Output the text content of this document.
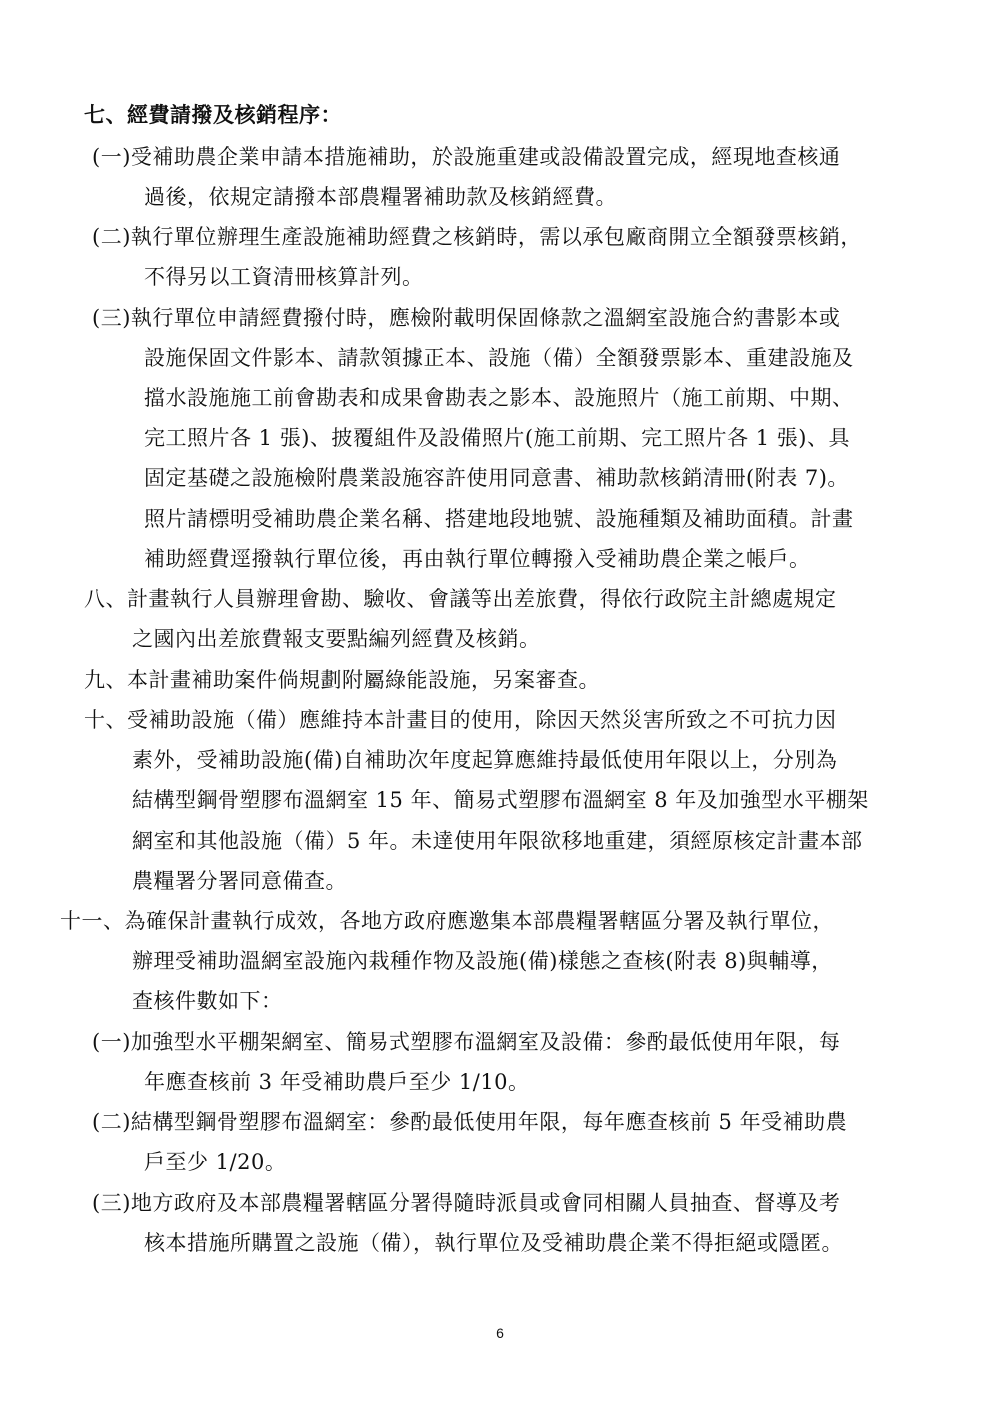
七、經費請撥及核銷程序：
(一)受補助農企業申請本措施補助，於設施重建或設備設置完成，經現地查核通
過後，依規定請撥本部農糧署補助款及核銷經費。
(二)執行單位辦理生產設施補助經費之核銷時，需以承包廠商開立全額發票核銷，
不得另以工資清冊核算計列。
(三)執行單位申請經費撥付時，應檢附載明保固條款之溫網室設施合約書影本或
設施保固文件影本、請款領據正本、設施（備）全額發票影本、重建設施及
擋水設施施工前會勘表和成果會勘表之影本、設施照片（施工前期、中期、
完工照片各 1 張)、披覆組件及設備照片(施工前期、完工照片各 1 張)、具
固定基礎之設施檢附農業設施容許使用同意書、補助款核銷清冊(附表 7)。
照片請標明受補助農企業名稱、搭建地段地號、設施種類及補助面積。計畫
補助經費逕撥執行單位後，再由執行單位轉撥入受補助農企業之帳戶。
八、計畫執行人員辦理會勘、驗收、會議等出差旅費，得依行政院主計總處規定
之國內出差旅費報支要點編列經費及核銷。
九、本計畫補助案件倘規劃附屬綠能設施，另案審查。
十、受補助設施（備）應維持本計畫目的使用，除因天然災害所致之不可抗力因
素外，受補助設施(備)自補助次年度起算應維持最低使用年限以上，分別為
結構型鋼骨塑膠布溫網室 15 年、簡易式塑膠布溫網室 8 年及加強型水平棚架
網室和其他設施（備）5 年。未達使用年限欲移地重建，須經原核定計畫本部
農糧署分署同意備查。
十一、為確保計畫執行成效，各地方政府應邀集本部農糧署轄區分署及執行單位，
辦理受補助溫網室設施內栽種作物及設施(備)樣態之查核(附表 8)與輔導，
查核件數如下：
(一)加強型水平棚架網室、簡易式塑膠布溫網室及設備：參酌最低使用年限，每
年應查核前 3 年受補助農戶至少 1/10。
(二)結構型鋼骨塑膠布溫網室：參酌最低使用年限，每年應查核前 5 年受補助農
戶至少 1/20。
(三)地方政府及本部農糧署轄區分署得隨時派員或會同相關人員抽查、督導及考
核本措施所購置之設施（備），執行單位及受補助農企業不得拒絕或隱匿。
6
